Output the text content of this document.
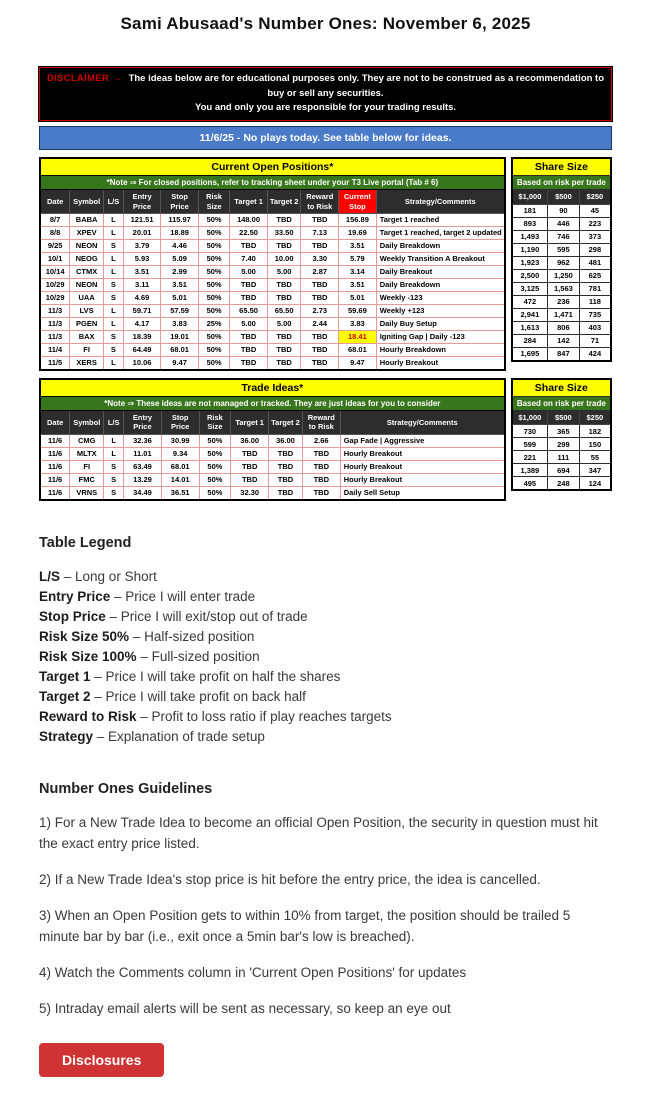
Sami Abusaad's Number Ones: November 6, 2025
DISCLAIMER → The ideas below are for educational purposes only. They are not to be construed as a recommendation to buy or sell any securities.
You and only you are responsible for your trading results.
11/6/25 - No plays today. See table below for ideas.
Current Open Positions*										
*Note ⇒ For closed positions, refer to tracking sheet under your T3 Live portal (Tab # 6)										
Date	Symbol	L/S	Entry Price	Stop Price	Risk Size	Target 1	Target 2	Reward to Risk	Current Stop	Strategy/Comments
8/7	BABA	L	121.51	115.97	50%	148.00	TBD	TBD	156.89	Target 1 reached
8/8	XPEV	L	20.01	18.89	50%	22.50	33.50	7.13	19.69	Target 1 reached, target 2 updated
9/25	NEON	S	3.79	4.46	50%	TBD	TBD	TBD	3.51	Daily Breakdown
10/1	NEOG	L	5.93	5.09	50%	7.40	10.00	3.30	5.79	Weekly Transition A Breakout
10/14	CTMX	L	3.51	2.99	50%	5.00	5.00	2.87	3.14	Daily Breakout
10/29	NEON	S	3.11	3.51	50%	TBD	TBD	TBD	3.51	Daily Breakdown
10/29	UAA	S	4.69	5.01	50%	TBD	TBD	TBD	5.01	Weekly -123
11/3	LVS	L	59.71	57.59	50%	65.50	65.50	2.73	59.69	Weekly +123
11/3	PGEN	L	4.17	3.83	25%	5.00	5.00	2.44	3.83	Daily Buy Setup
11/3	BAX	S	18.39	19.01	50%	TBD	TBD	TBD	18.41	Igniting Gap | Daily -123
11/4	FI	S	64.49	68.01	50%	TBD	TBD	TBD	68.01	Hourly Breakdown
11/5	XERS	L	10.06	9.47	50%	TBD	TBD	TBD	9.47	Hourly Breakout
Share Size		
Based on risk per trade		
$1,000	$500	$250
181	90	45
893	446	223
1,493	746	373
1,190	595	298
1,923	962	481
2,500	1,250	625
3,125	1,563	781
472	236	118
2,941	1,471	735
1,613	806	403
284	142	71
1,695	847	424
Trade Ideas*									
*Note ⇒ These ideas are not managed or tracked. They are just ideas for you to consider									
Date	Symbol	L/S	Entry Price	Stop Price	Risk Size	Target 1	Target 2	Reward to Risk	Strategy/Comments
11/6	CMG	L	32.36	30.99	50%	36.00	36.00	2.66	Gap Fade | Aggressive
11/6	MLTX	L	11.01	9.34	50%	TBD	TBD	TBD	Hourly Breakout
11/6	FI	S	63.49	68.01	50%	TBD	TBD	TBD	Hourly Breakout
11/6	FMC	S	13.29	14.01	50%	TBD	TBD	TBD	Hourly Breakout
11/6	VRNS	S	34.49	36.51	50%	32.30	TBD	TBD	Daily Sell Setup
Share Size		
Based on risk per trade		
$1,000	$500	$250
730	365	182
599	299	150
221	111	55
1,389	694	347
495	248	124
Table Legend
L/S – Long or Short
Entry Price – Price I will enter trade
Stop Price – Price I will exit/stop out of trade
Risk Size 50% – Half-sized position
Risk Size 100% – Full-sized position
Target 1 – Price I will take profit on half the shares
Target 2 – Price I will take profit on back half
Reward to Risk – Profit to loss ratio if play reaches targets
Strategy – Explanation of trade setup
Number Ones Guidelines

1) For a New Trade Idea to become an official Open Position, the security in question must hit the exact entry price listed.

2) If a New Trade Idea's stop price is hit before the entry price, the idea is cancelled.

3) When an Open Position gets to within 10% from target, the position should be trailed 5 minute bar by bar (i.e., exit once a 5min bar's low is breached).

4) Watch the Comments column in 'Current Open Positions' for updates

5) Intraday email alerts will be sent as necessary, so keep an eye out

Disclosures
